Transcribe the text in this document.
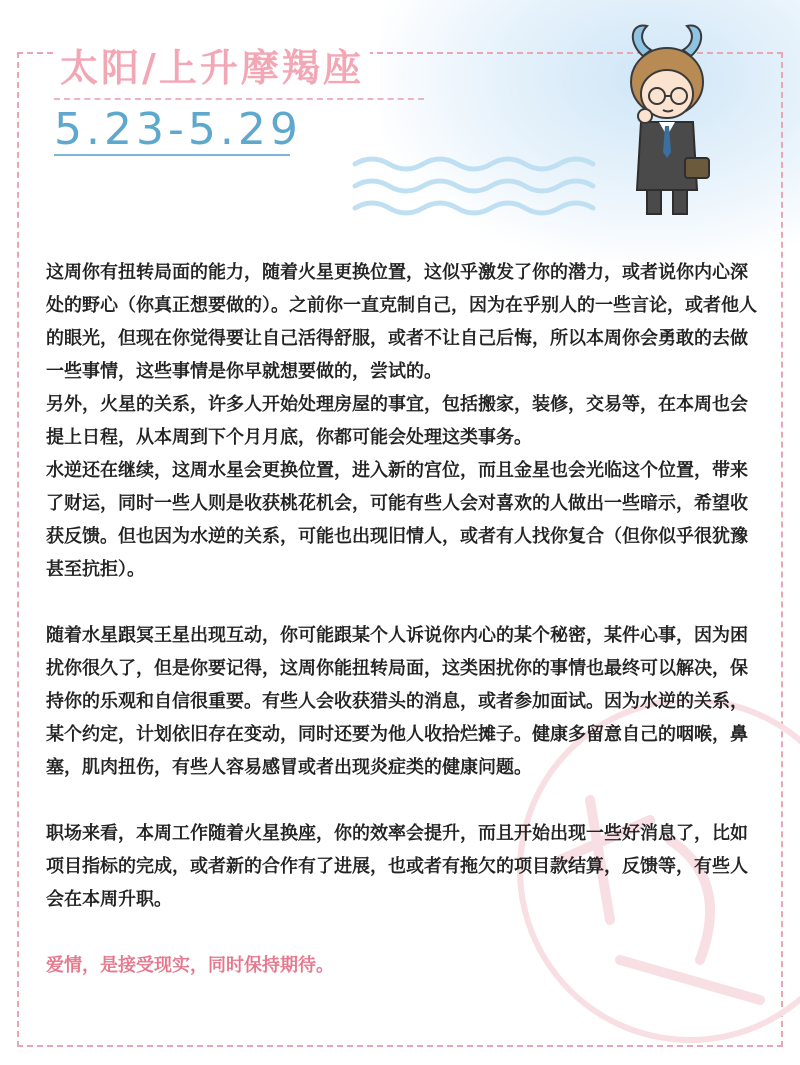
太阳/上升摩羯座
5.23-5.29

这周你有扭转局面的能力，随着火星更换位置，这似乎激发了你的潜力，或者说你内心深处的野心（你真正想要做的）。之前你一直克制自己，因为在乎别人的一些言论，或者他人的眼光，但现在你觉得要让自己活得舒服，或者不让自己后悔，所以本周你会勇敢的去做一些事情，这些事情是你早就想要做的，尝试的。

另外，火星的关系，许多人开始处理房屋的事宜，包括搬家，装修，交易等，在本周也会提上日程，从本周到下个月月底，你都可能会处理这类事务。

水逆还在继续，这周水星会更换位置，进入新的宫位，而且金星也会光临这个位置，带来了财运，同时一些人则是收获桃花机会，可能有些人会对喜欢的人做出一些暗示，希望收获反馈。但也因为水逆的关系，可能也出现旧情人，或者有人找你复合（但你似乎很犹豫甚至抗拒）。

随着水星跟冥王星出现互动，你可能跟某个人诉说你内心的某个秘密，某件心事，因为困扰你很久了，但是你要记得，这周你能扭转局面，这类困扰你的事情也最终可以解决，保持你的乐观和自信很重要。有些人会收获猎头的消息，或者参加面试。因为水逆的关系，某个约定，计划依旧存在变动，同时还要为他人收拾烂摊子。健康多留意自己的咽喉，鼻塞，肌肉扭伤，有些人容易感冒或者出现炎症类的健康问题。

职场来看，本周工作随着火星换座，你的效率会提升，而且开始出现一些好消息了，比如项目指标的完成，或者新的合作有了进展，也或者有拖欠的项目款结算，反馈等，有些人会在本周升职。

爱情，是接受现实，同时保持期待。
